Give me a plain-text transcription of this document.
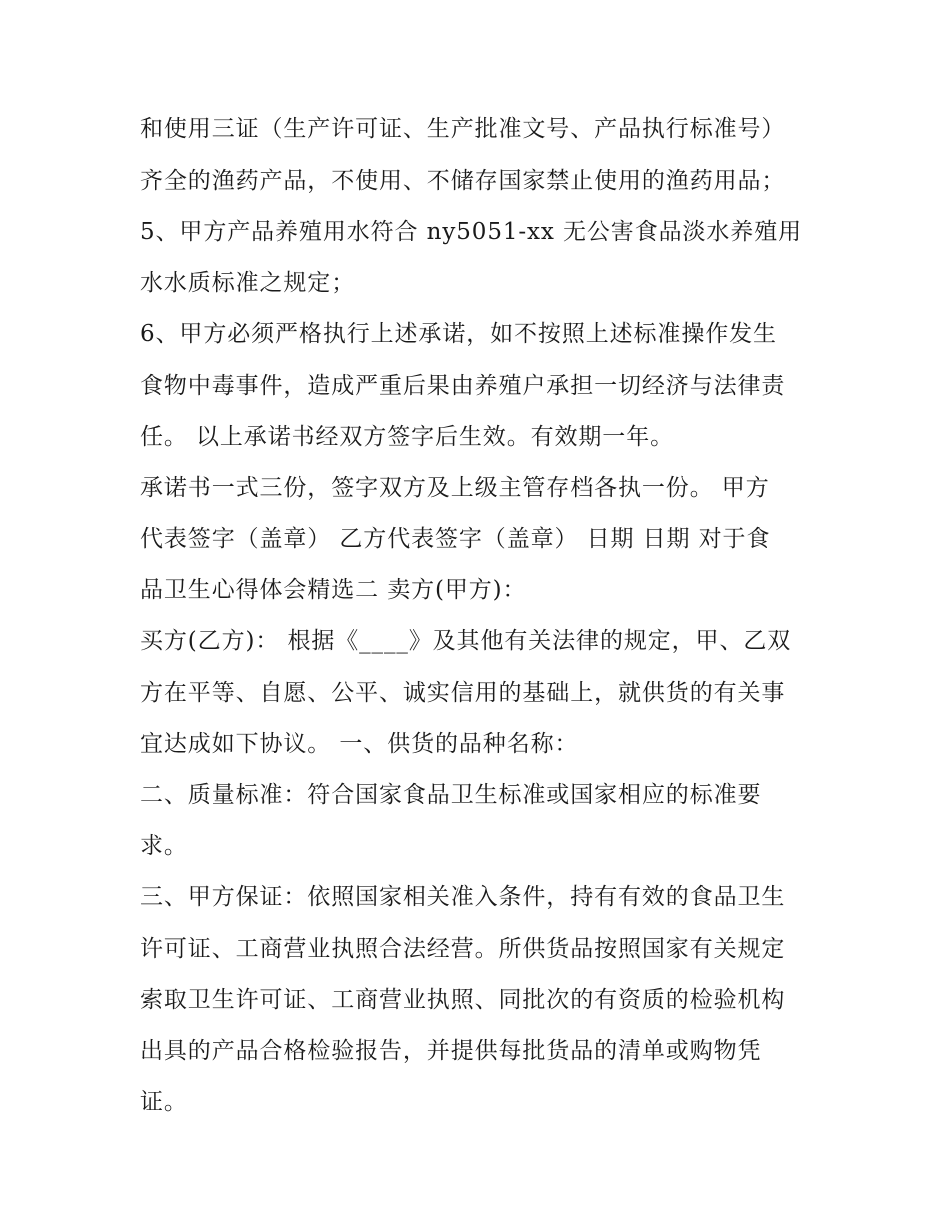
和使用三证（生产许可证、生产批准文号、产品执行标准号）
齐全的渔药产品，不使用、不储存国家禁止使用的渔药用品；
5、甲方产品养殖用水符合 ny5051-xx 无公害食品淡水养殖用
水水质标准之规定；
6、甲方必须严格执行上述承诺，如不按照上述标准操作发生
食物中毒事件，造成严重后果由养殖户承担一切经济与法律责
任。 以上承诺书经双方签字后生效。有效期一年。
承诺书一式三份，签字双方及上级主管存档各执一份。 甲方
代表签字（盖章） 乙方代表签字（盖章） 日期 日期 对于食
品卫生心得体会精选二 卖方(甲方)：
买方(乙方)： 根据《____》及其他有关法律的规定，甲、乙双
方在平等、自愿、公平、诚实信用的基础上，就供货的有关事
宜达成如下协议。 一、供货的品种名称：
二、质量标准：符合国家食品卫生标准或国家相应的标准要
求。
三、甲方保证：依照国家相关准入条件，持有有效的食品卫生
许可证、工商营业执照合法经营。所供货品按照国家有关规定
索取卫生许可证、工商营业执照、同批次的有资质的检验机构
出具的产品合格检验报告，并提供每批货品的清单或购物凭
证。
